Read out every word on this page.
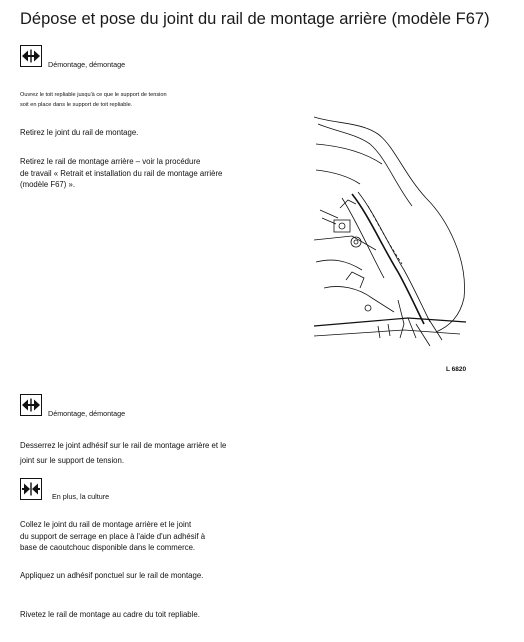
Dépose et pose du joint du rail de montage arrière (modèle F67)
Démontage, démontage
Ouvrez le toit repliable jusqu'à ce que le support de tension
soit en place dans le support de toit repliable.
Retirez le joint du rail de montage.
Retirez le rail de montage arrière – voir la procédure
de travail « Retrait et installation du rail de montage arrière
(modèle F67) ».
L 6820
Démontage, démontage
Desserrez le joint adhésif sur le rail de montage arrière et le
joint sur le support de tension.
En plus, la culture
Collez le joint du rail de montage arrière et le joint
du support de serrage en place à l'aide d'un adhésif à
base de caoutchouc disponible dans le commerce.
Appliquez un adhésif ponctuel sur le rail de montage.
Rivetez le rail de montage au cadre du toit repliable.
